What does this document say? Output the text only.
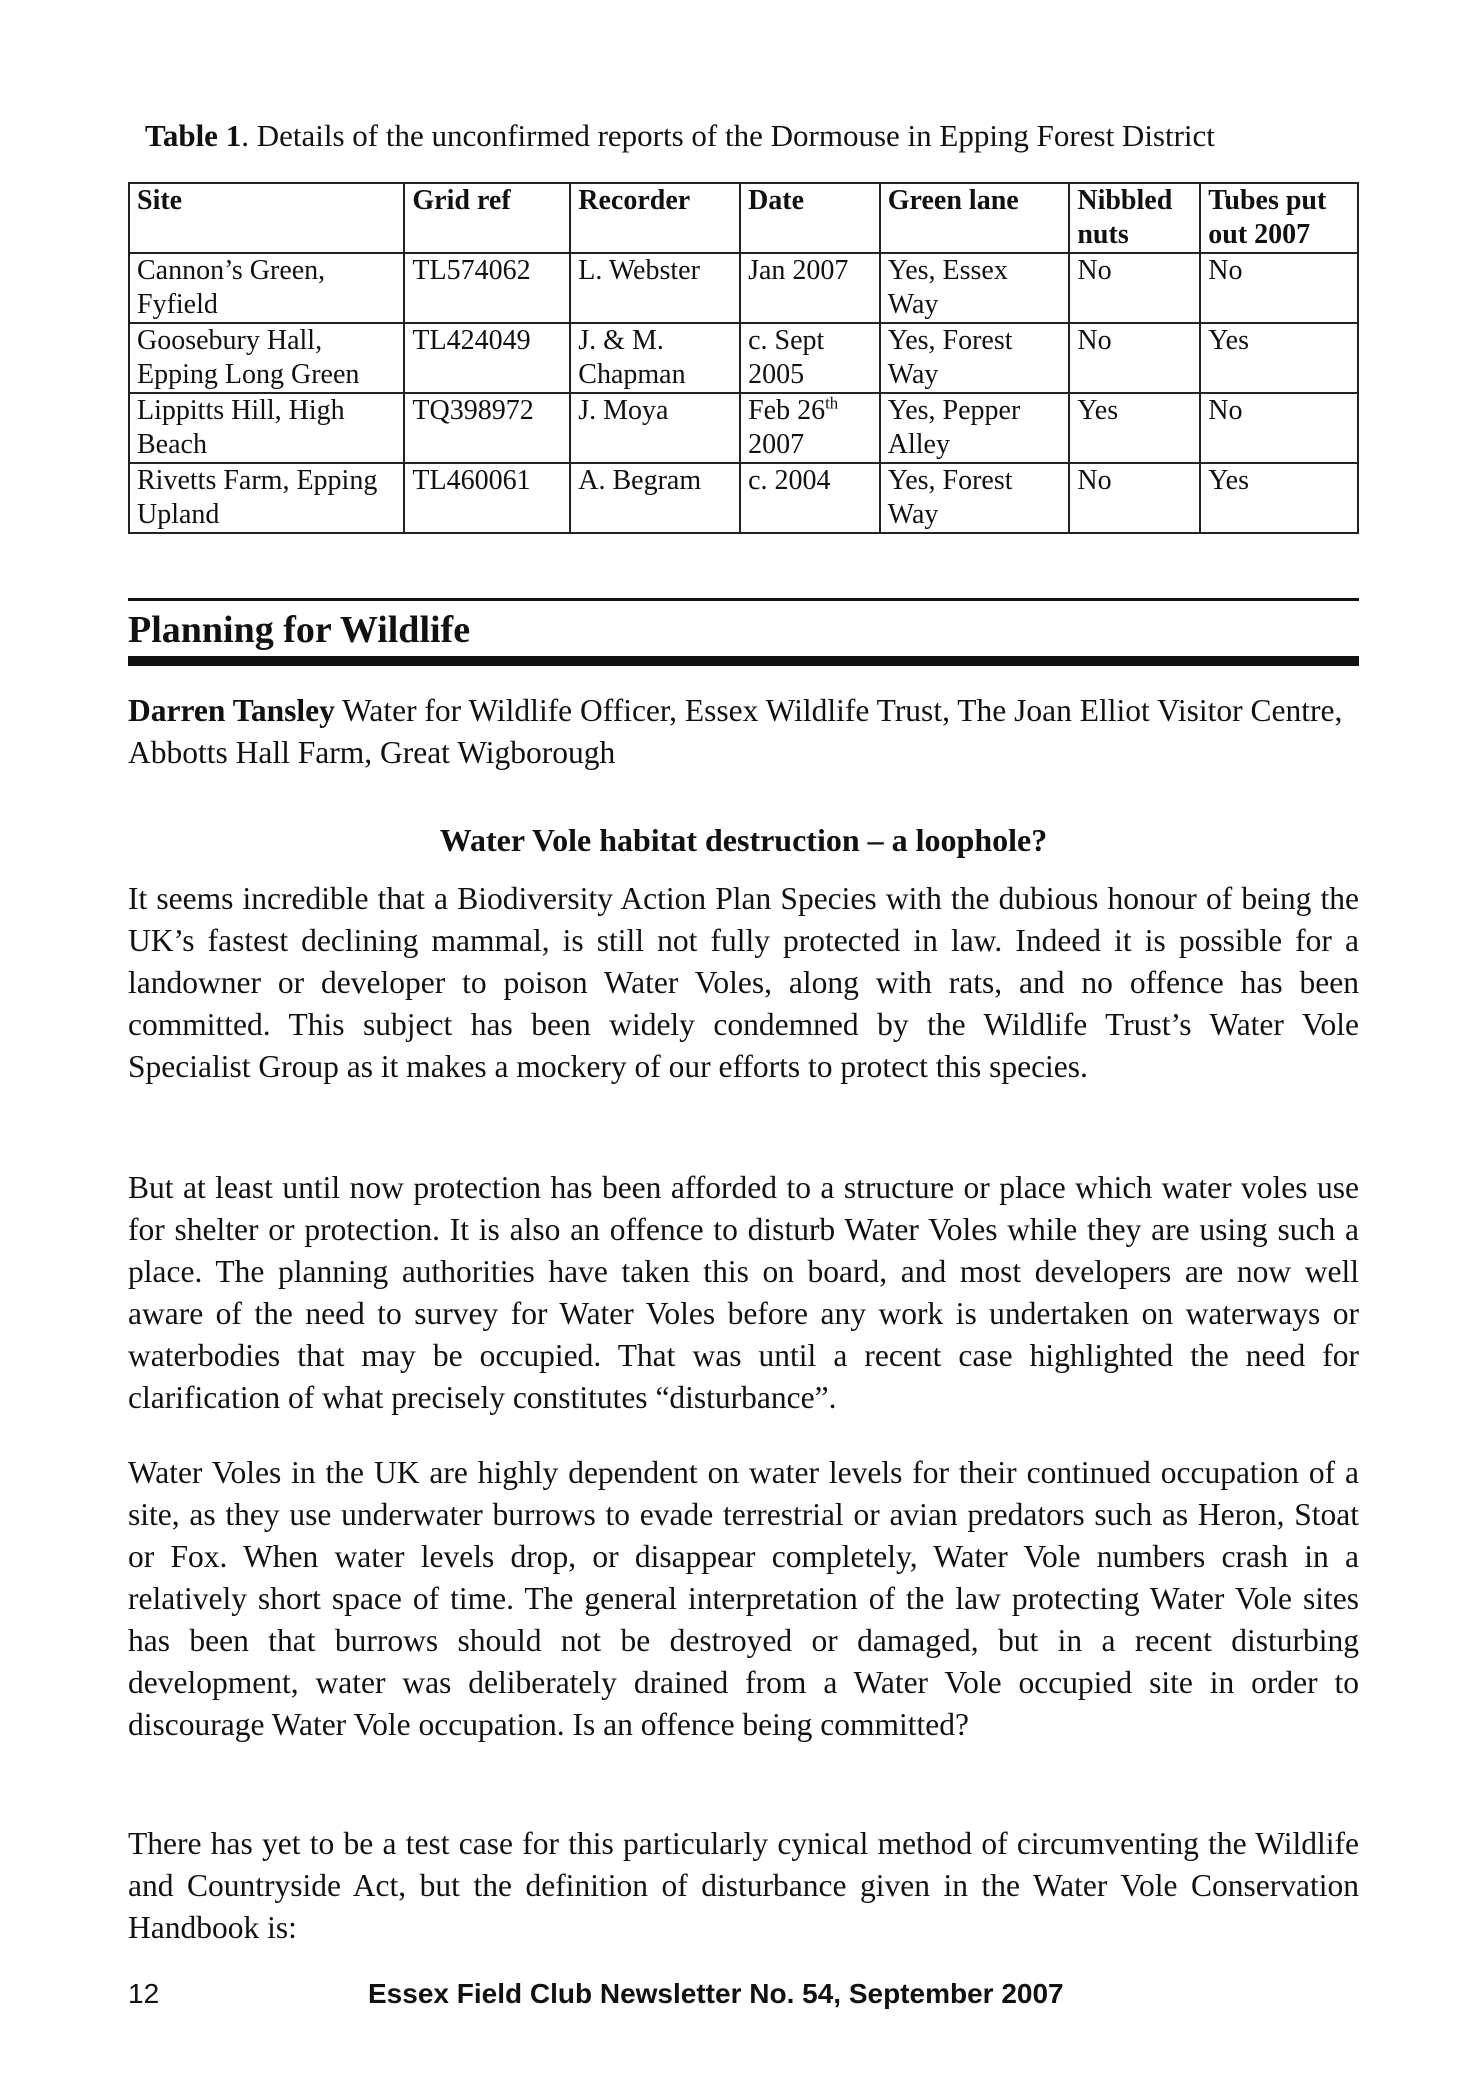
Table 1. Details of the unconfirmed reports of the Dormouse in Epping Forest District
Site	Grid ref	Recorder	Date	Green lane	Nibbled nuts	Tubes put out 2007
Cannon’s Green, Fyfield	TL574062	L. Webster	Jan 2007	Yes, Essex Way	No	No
Goosebury Hall, Epping Long Green	TL424049	J. & M. Chapman	c. Sept 2005	Yes, Forest Way	No	Yes
Lippitts Hill, High Beach	TQ398972	J. Moya	Feb 26th 2007	Yes, Pepper Alley	Yes	No
Rivetts Farm, Epping Upland	TL460061	A. Begram	c. 2004	Yes, Forest Way	No	Yes
Planning for Wildlife
Darren Tansley Water for Wildlife Officer, Essex Wildlife Trust, The Joan Elliot Visitor Centre, Abbotts Hall Farm, Great Wigborough
Water Vole habitat destruction – a loophole?
It seems incredible that a Biodiversity Action Plan Species with the dubious honour of being the UK’s fastest declining mammal, is still not fully protected in law. Indeed it is possible for a landowner or developer to poison Water Voles, along with rats, and no offence has been committed. This subject has been widely condemned by the Wildlife Trust’s Water Vole Specialist Group as it makes a mockery of our efforts to protect this species.
But at least until now protection has been afforded to a structure or place which water voles use for shelter or protection. It is also an offence to disturb Water Voles while they are using such a place. The planning authorities have taken this on board, and most developers are now well aware of the need to survey for Water Voles before any work is undertaken on waterways or waterbodies that may be occupied. That was until a recent case highlighted the need for clarification of what precisely constitutes “disturbance”.
Water Voles in the UK are highly dependent on water levels for their continued occupation of a site, as they use underwater burrows to evade terrestrial or avian predators such as Heron, Stoat or Fox. When water levels drop, or disappear completely, Water Vole numbers crash in a relatively short space of time. The general interpretation of the law protecting Water Vole sites has been that burrows should not be destroyed or damaged, but in a recent disturbing development, water was deliberately drained from a Water Vole occupied site in order to discourage Water Vole occupation. Is an offence being committed?
There has yet to be a test case for this particularly cynical method of circumventing the Wildlife and Countryside Act, but the definition of disturbance given in the Water Vole Conservation Handbook is:
12	Essex Field Club Newsletter No. 54, September 2007
